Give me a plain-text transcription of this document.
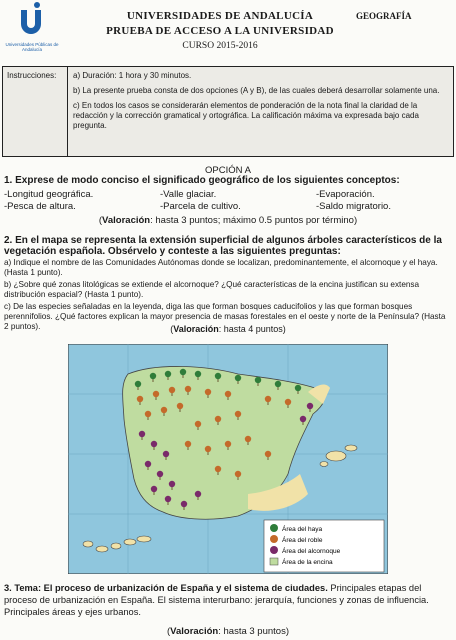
Universidades Públicas de Andalucía
UNIVERSIDADES DE ANDALUCÍA
PRUEBA DE ACCESO A LA UNIVERSIDAD
CURSO 2015-2016
GEOGRAFÍA
Instrucciones: a) Duración: 1 hora y 30 minutos.
b) La presente prueba consta de dos opciones (A y B), de las cuales deberá desarrollar solamente una.
c) En todos los casos se considerarán elementos de ponderación de la nota final la claridad de la redacción y la corrección gramatical y ortográfica. La calificación máxima va expresada bajo cada pregunta.
OPCIÓN A
1. Exprese de modo conciso el significado geográfico de los siguientes conceptos:
-Longitud geográfica.	-Valle glaciar.	-Evaporación.
-Pesca de altura.	-Parcela de cultivo.	-Saldo migratorio.
(Valoración: hasta 3 puntos; máximo 0.5 puntos por término)
2. En el mapa se representa la extensión superficial de algunos árboles característicos de la vegetación española. Obsérvelo y conteste a las siguientes preguntas:
a) Indique el nombre de las Comunidades Autónomas donde se localizan, predominantemente, el alcornoque y el haya. (Hasta 1 punto).
b) ¿Sobre qué zonas litológicas se extiende el alcornoque? ¿Qué características de la encina justifican su extensa distribución espacial? (Hasta 1 punto).
c) De las especies señaladas en la leyenda, diga las que forman bosques caducifolios y las que forman bosques perennifolios. ¿Qué factores explican la mayor presencia de masas forestales en el oeste y norte de la Península? (Hasta 2 puntos).	(Valoración: hasta 4 puntos)
Área del haya
Área del roble
Área del alcornoque
Área de la encina
3. Tema: El proceso de urbanización de España y el sistema de ciudades. Principales etapas del proceso de urbanización en España. El sistema interurbano: jerarquía, funciones y zonas de influencia. Principales áreas y ejes urbanos.
(Valoración: hasta 3 puntos)
